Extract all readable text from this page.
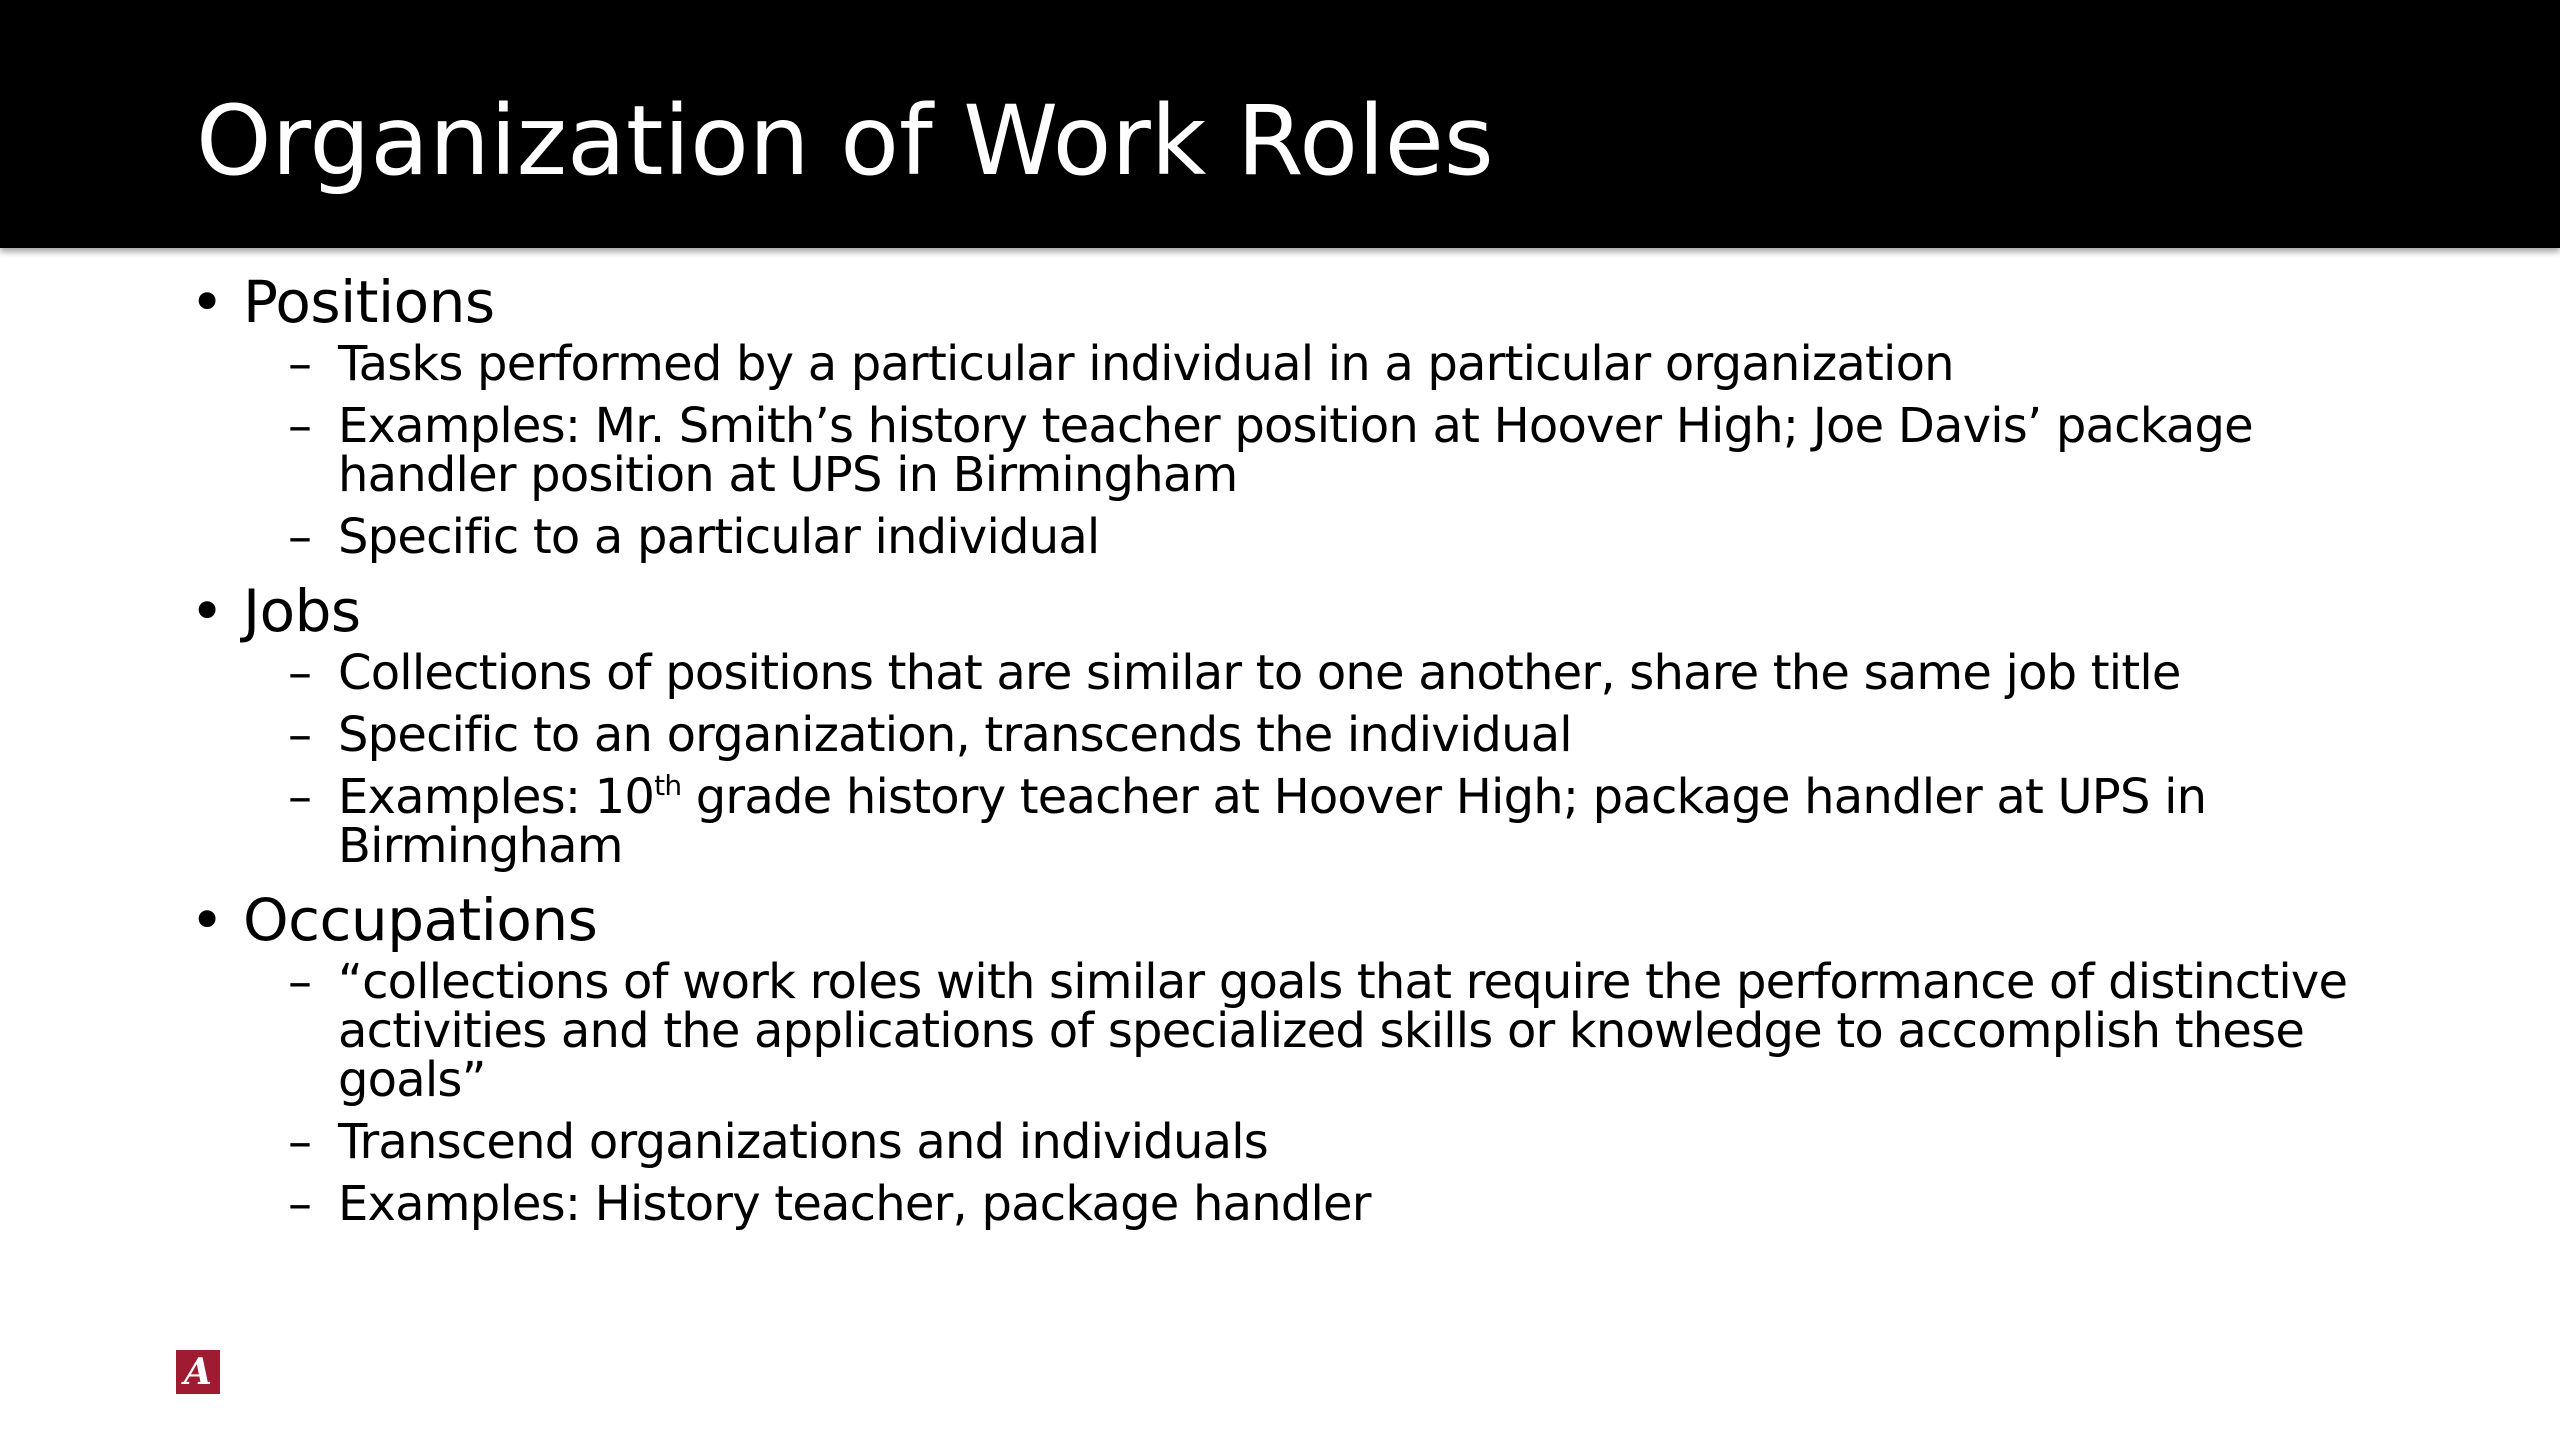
Organization of Work Roles
• Positions
– Tasks performed by a particular individual in a particular organization
– Examples: Mr. Smith’s history teacher position at Hoover High; Joe Davis’ package handler position at UPS in Birmingham
– Specific to a particular individual
• Jobs
– Collections of positions that are similar to one another, share the same job title
– Specific to an organization, transcends the individual
– Examples: 10th grade history teacher at Hoover High; package handler at UPS in Birmingham
• Occupations
– “collections of work roles with similar goals that require the performance of distinctive activities and the applications of specialized skills or knowledge to accomplish these goals”
– Transcend organizations and individuals
– Examples: History teacher, package handler
A
